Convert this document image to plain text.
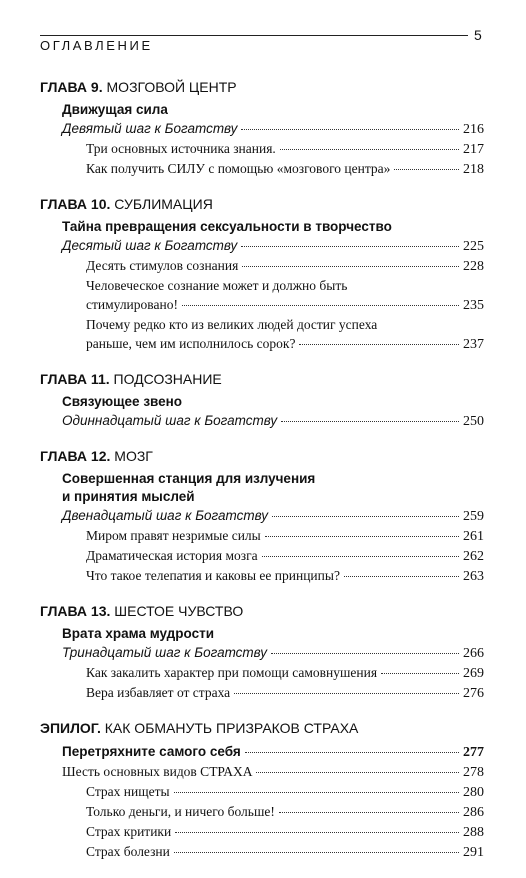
ОГЛАВЛЕНИЕ
5
ГЛАВА 9. МОЗГОВОЙ ЦЕНТР
Движущая сила
Девятый шаг к Богатству	216
Три основных источника знания.	217
Как получить СИЛУ с помощью «мозгового центра»	218
ГЛАВА 10. СУБЛИМАЦИЯ
Тайна превращения сексуальности в творчество
Десятый шаг к Богатству	225
Десять стимулов сознания	228
Человеческое сознание может и должно быть
стимулировано!	235
Почему редко кто из великих людей достиг успеха
раньше, чем им исполнилось сорок?	237
ГЛАВА 11. ПОДСОЗНАНИЕ
Связующее звено
Одиннадцатый шаг к Богатству	250
ГЛАВА 12. МОЗГ
Совершенная станция для излучения
и принятия мыслей
Двенадцатый шаг к Богатству	259
Миром правят незримые силы	261
Драматическая история мозга	262
Что такое телепатия и каковы ее принципы?	263
ГЛАВА 13. ШЕСТОЕ ЧУВСТВО
Врата храма мудрости
Тринадцатый шаг к Богатству	266
Как закалить характер при помощи самовнушения	269
Вера избавляет от страха	276
ЭПИЛОГ. КАК ОБМАНУТЬ ПРИЗРАКОВ СТРАХА
Перетряхните самого себя	277
Шесть основных видов СТРАХА	278
Страх нищеты	280
Только деньги, и ничего больше!	286
Страх критики	288
Страх болезни	291
